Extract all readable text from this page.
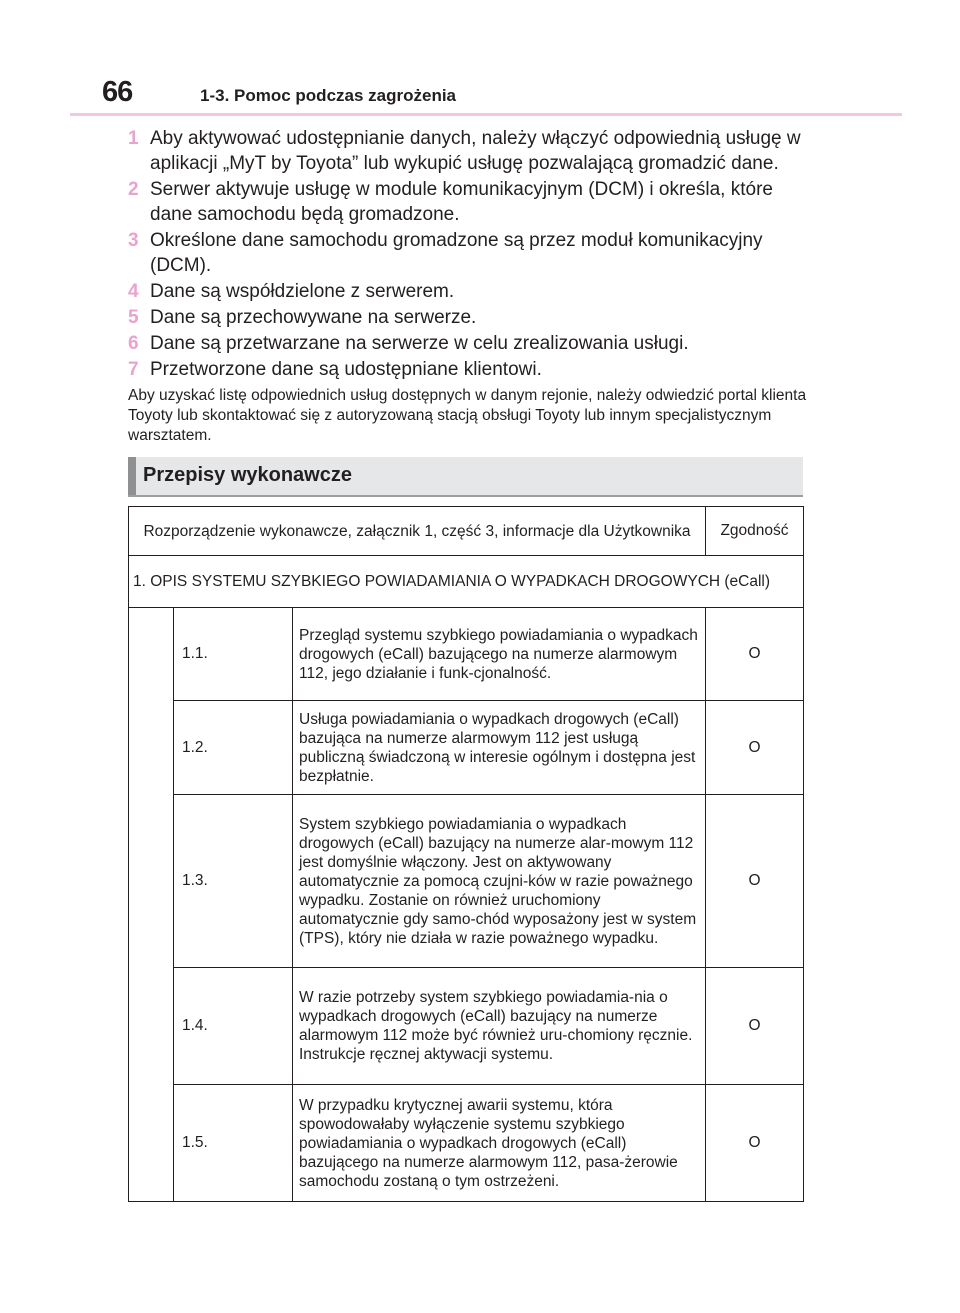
66	1-3. Pomoc podczas zagrożenia
1 Aby aktywować udostępnianie danych, należy włączyć odpowiednią usługę w aplikacji „MyT by Toyota” lub wykupić usługę pozwalającą gromadzić dane.
2 Serwer aktywuje usługę w module komunikacyjnym (DCM) i określa, które dane samochodu będą gromadzone.
3 Określone dane samochodu gromadzone są przez moduł komunikacyjny (DCM).
4 Dane są współdzielone z serwerem.
5 Dane są przechowywane na serwerze.
6 Dane są przetwarzane na serwerze w celu zrealizowania usługi.
7 Przetworzone dane są udostępniane klientowi.

Aby uzyskać listę odpowiednich usług dostępnych w danym rejonie, należy odwiedzić portal klienta Toyoty lub skontaktować się z autoryzowaną stacją obsługi Toyoty lub innym specjalistycznym warsztatem.

Przepisy wykonawcze
Rozporządzenie wykonawcze, załącznik 1, część 3, informacje dla Użytkownika			Zgodność
1. OPIS SYSTEMU SZYBKIEGO POWIADAMIANIA O WYPADKACH DROGOWYCH (eCall)			
	1.1.	Przegląd systemu szybkiego powiadamiania o wypadkach drogowych (eCall) bazującego na numerze alarmowym 112, jego działanie i funk-cjonalność.	O
	1.2.	Usługa powiadamiania o wypadkach drogowych (eCall) bazująca na numerze alarmowym 112 jest usługą publiczną świadczoną w interesie ogólnym i dostępna jest bezpłatnie.	O
	1.3.	System szybkiego powiadamiania o wypadkach drogowych (eCall) bazujący na numerze alar-mowym 112 jest domyślnie włączony. Jest on aktywowany automatycznie za pomocą czujni-ków w razie poważnego wypadku. Zostanie on również uruchomiony automatycznie gdy samo-chód wyposażony jest w system (TPS), który nie działa w razie poważnego wypadku.	O
	1.4.	W razie potrzeby system szybkiego powiadamia-nia o wypadkach drogowych (eCall) bazujący na numerze alarmowym 112 może być również uru-chomiony ręcznie. Instrukcje ręcznej aktywacji systemu.	O
	1.5.	W przypadku krytycznej awarii systemu, która spowodowałaby wyłączenie systemu szybkiego powiadamiania o wypadkach drogowych (eCall) bazującego na numerze alarmowym 112, pasa-żerowie samochodu zostaną o tym ostrzeżeni.	O
